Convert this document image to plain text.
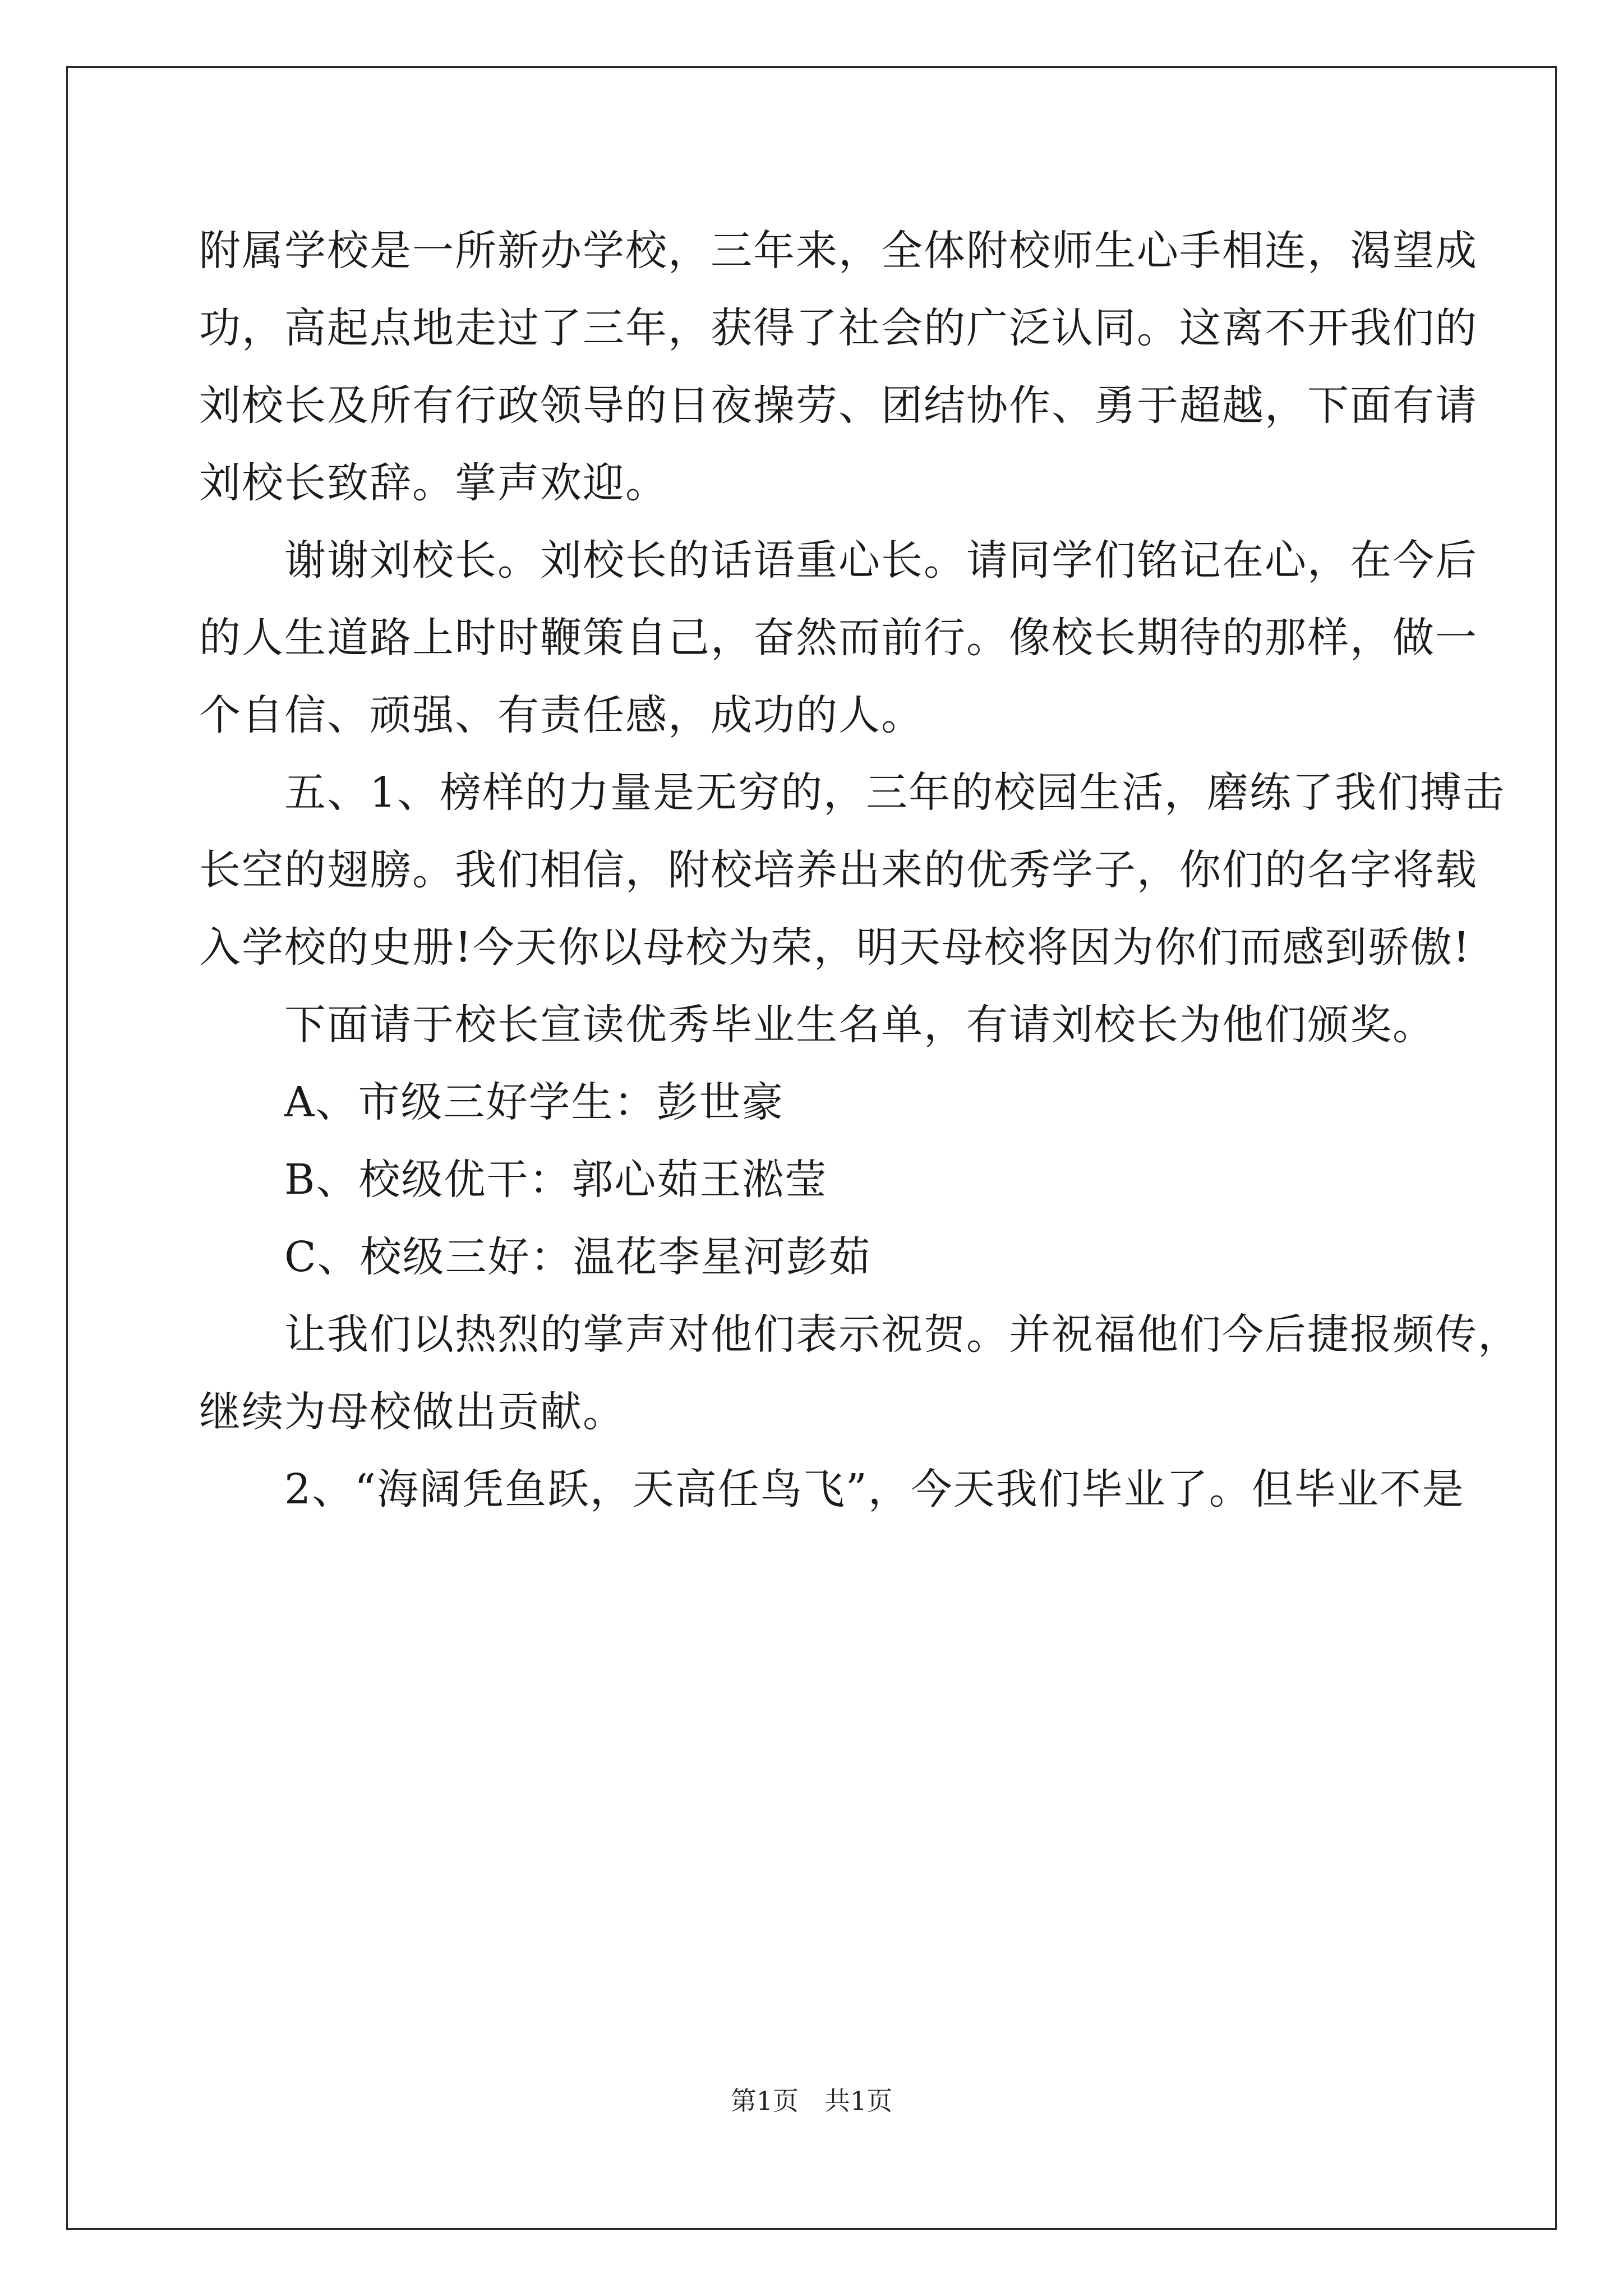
附属学校是一所新办学校，三年来，全体附校师生心手相连，渴望成
功，高起点地走过了三年，获得了社会的广泛认同。这离不开我们的
刘校长及所有行政领导的日夜操劳、团结协作、勇于超越，下面有请
刘校长致辞。掌声欢迎。
　　谢谢刘校长。刘校长的话语重心长。请同学们铭记在心，在今后
的人生道路上时时鞭策自己，奋然而前行。像校长期待的那样，做一
个自信、顽强、有责任感，成功的人。
　　五、1、榜样的力量是无穷的，三年的校园生活，磨练了我们搏击
长空的翅膀。我们相信，附校培养出来的优秀学子，你们的名字将载
入学校的史册!今天你以母校为荣，明天母校将因为你们而感到骄傲!
　　下面请于校长宣读优秀毕业生名单，有请刘校长为他们颁奖。
　　A、市级三好学生：彭世豪
　　B、校级优干：郭心茹王淞莹
　　C、校级三好：温花李星河彭茹
　　让我们以热烈的掌声对他们表示祝贺。并祝福他们今后捷报频传，
继续为母校做出贡献。
　　2、“海阔凭鱼跃，天高任鸟飞”，今天我们毕业了。但毕业不是
第1页　共1页
